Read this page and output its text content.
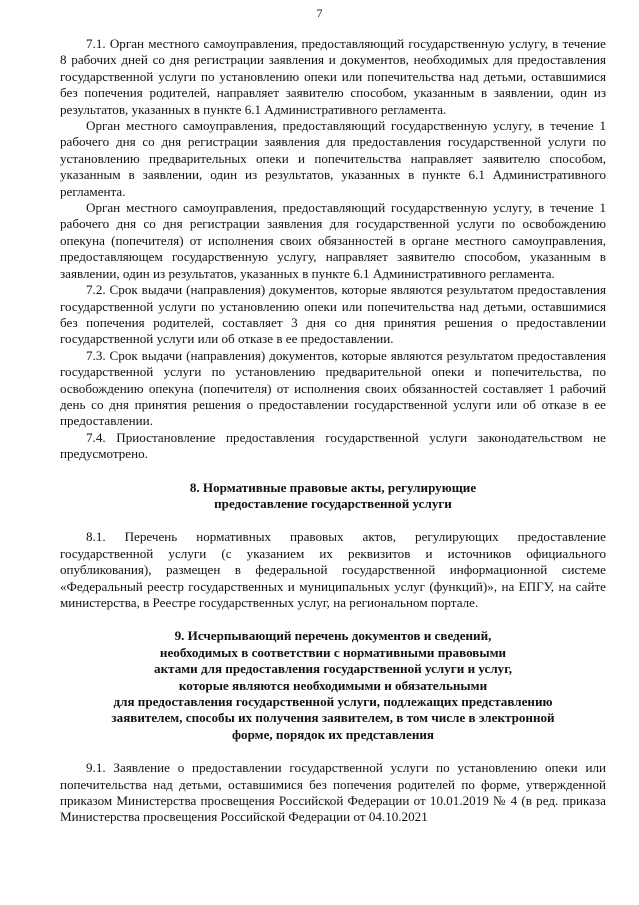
7

7.1. Орган местного самоуправления, предоставляющий государственную услугу, в течение 8 рабочих дней со дня регистрации заявления и документов, необходимых для предоставления государственной услуги по установлению опеки или попечительства над детьми, оставшимися без попечения родителей, направляет заявителю способом, указанным в заявлении, один из результатов, указанных в пункте 6.1 Административного регламента.

Орган местного самоуправления, предоставляющий государственную услугу, в течение 1 рабочего дня со дня регистрации заявления для предоставления государственной услуги по установлению предварительных опеки и попечительства направляет заявителю способом, указанным в заявлении, один из результатов, указанных в пункте 6.1 Административного регламента.

Орган местного самоуправления, предоставляющий государственную услугу, в течение 1 рабочего дня со дня регистрации заявления для государственной услуги по освобождению опекуна (попечителя) от исполнения своих обязанностей в органе местного самоуправления, предоставляющем государственную услугу, направляет заявителю способом, указанным в заявлении, один из результатов, указанных в пункте 6.1 Административного регламента.

7.2. Срок выдачи (направления) документов, которые являются результатом предоставления государственной услуги по установлению опеки или попечительства над детьми, оставшимися без попечения родителей, составляет 3 дня со дня принятия решения о предоставлении государственной услуги или об отказе в ее предоставлении.

7.3. Срок выдачи (направления) документов, которые являются результатом предоставления государственной услуги по установлению предварительной опеки и попечительства, по освобождению опекуна (попечителя) от исполнения своих обязанностей составляет 1 рабочий день со дня принятия решения о предоставлении государственной услуги или об отказе в ее предоставлении.

7.4. Приостановление предоставления государственной услуги законодательством не предусмотрено.

8. Нормативные правовые акты, регулирующие
предоставление государственной услуги

8.1. Перечень нормативных правовых актов, регулирующих предоставление государственной услуги (с указанием их реквизитов и источников официального опубликования), размещен в федеральной государственной информационной системе «Федеральный реестр государственных и муниципальных услуг (функций)», на ЕПГУ, на сайте министерства, в Реестре государственных услуг, на региональном портале.

9. Исчерпывающий перечень документов и сведений,
необходимых в соответствии с нормативными правовыми
актами для предоставления государственной услуги и услуг,
которые являются необходимыми и обязательными
для предоставления государственной услуги, подлежащих представлению
заявителем, способы их получения заявителем, в том числе в электронной
форме, порядок их представления

9.1. Заявление о предоставлении государственной услуги по установлению опеки или попечительства над детьми, оставшимися без попечения родителей по форме, утвержденной приказом Министерства просвещения Российской Федерации от 10.01.2019 № 4 (в ред. приказа Министерства просвещения Российской Федерации от 04.10.2021
